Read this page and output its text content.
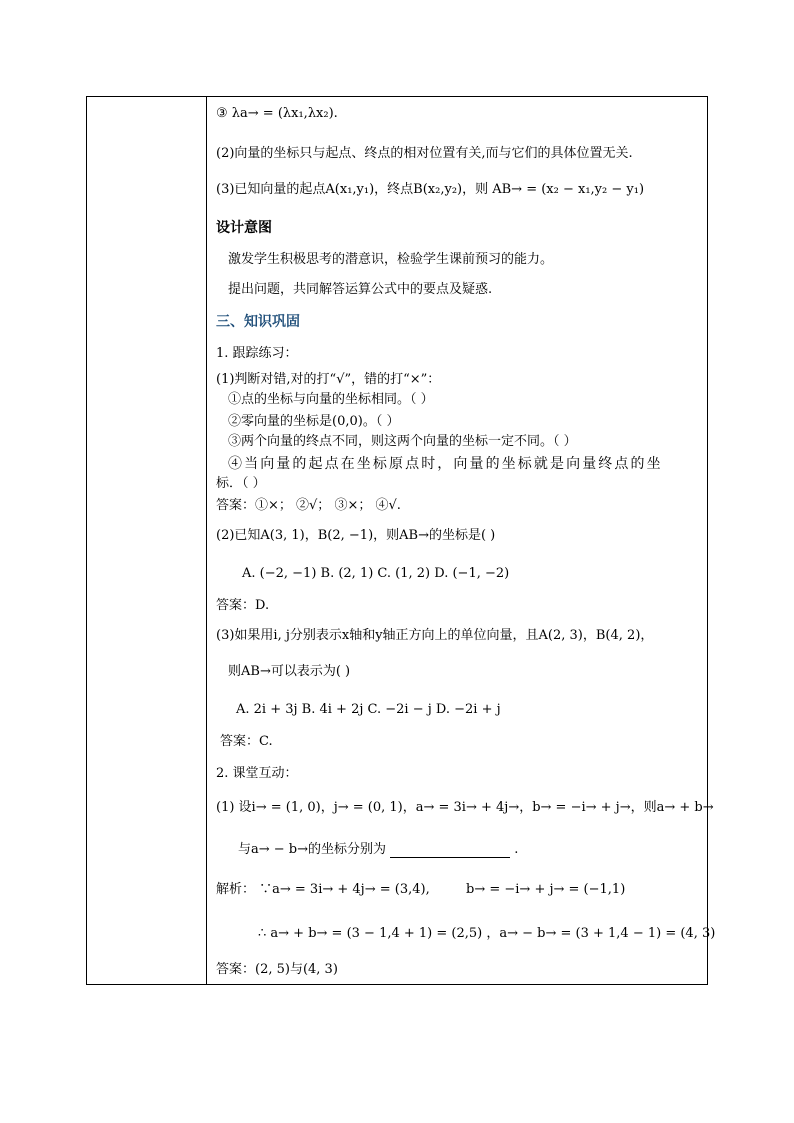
③ λa→ = (λx₁,λx₂).
(2)向量的坐标只与起点、终点的相对位置有关,而与它们的具体位置无关.
(3)已知向量的起点A(x₁,y₁)，终点B(x₂,y₂)，则 AB→ = (x₂ − x₁,y₂ − y₁)
设计意图
激发学生积极思考的潜意识，检验学生课前预习的能力。
提出问题，共同解答运算公式中的要点及疑惑.
三、知识巩固
1. 跟踪练习：
(1)判断对错,对的打“√”，错的打“×”：
①点的坐标与向量的坐标相同。（ ）
②零向量的坐标是(0,0)。（ ）
③两个向量的终点不同，则这两个向量的坐标一定不同。（ ）
④当向量的起点在坐标原点时，向量的坐标就是向量终点的坐
标．（ ）
答案：①×； ②√； ③×； ④√.
(2)已知A(3, 1)，B(2, −1)，则AB→的坐标是( )
A. (−2, −1) B. (2, 1) C. (1, 2) D. (−1, −2)
答案：D.
(3)如果用i, j分别表示x轴和y轴正方向上的单位向量，且A(2, 3)，B(4, 2)，
则AB→可以表示为( )
A. 2i + 3j B. 4i + 2j C. −2i − j D. −2i + j
答案：C.
2. 课堂互动：
(1) 设i→ = (1, 0)，j→ = (0, 1)，a→ = 3i→ + 4j→，b→ = −i→ + j→，则a→ + b→
与a→ − b→的坐标分别为	.
解析： ∵a→ = 3i→ + 4j→ = (3,4),	b→ = −i→ + j→ = (−1,1)
∴ a→ + b→ = (3 − 1,4 + 1) = (2,5) ，a→ − b→ = (3 + 1,4 − 1) = (4, 3)
答案：(2, 5)与(4, 3)
